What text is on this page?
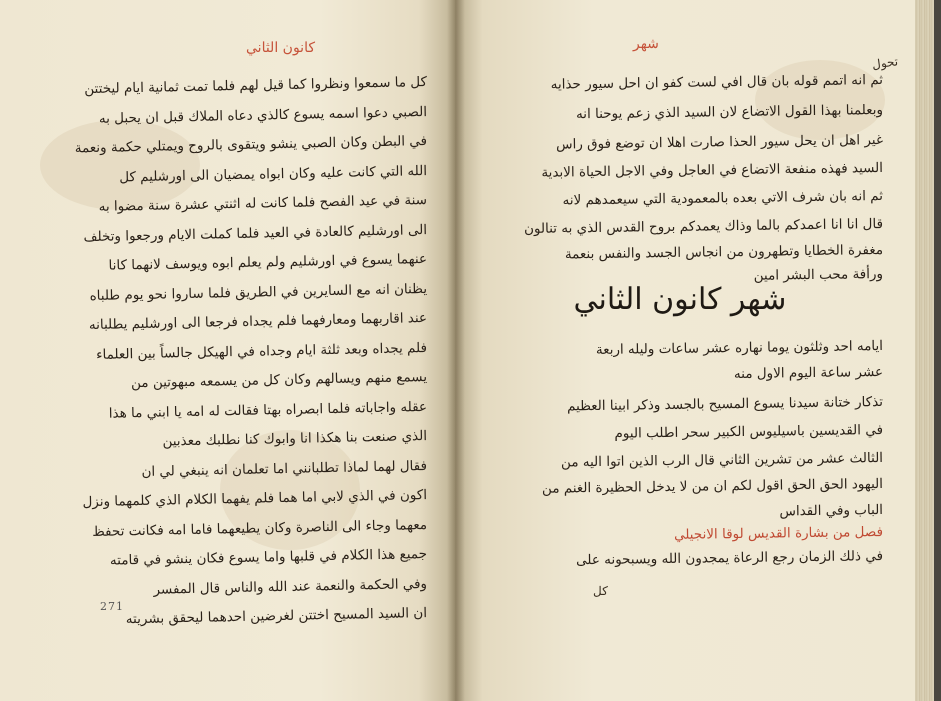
كانون الثاني
كل ما سمعوا ونظروا كما قيل لهم فلما تمت ثمانية ايام ليختتن
الصبي دعوا اسمه يسوع كالذي دعاه الملاك قبل ان يحبل به
في البطن وكان الصبي ينشو ويتقوى بالروح ويمتلي حكمة ونعمة
الله التي كانت عليه وكان ابواه يمضيان الى اورشليم كل
سنة في عيد الفصح فلما كانت له اثنتي عشرة سنة مضوا به
الى اورشليم كالعادة في العيد فلما كملت الايام ورجعوا وتخلف
عنهما يسوع في اورشليم ولم يعلم ابوه ويوسف لانهما كانا
يظنان انه مع السايرين في الطريق فلما ساروا نحو يوم طلباه
عند اقاربهما ومعارفهما فلم يجداه فرجعا الى اورشليم يطلبانه
فلم يجداه وبعد ثلثة ايام وجداه في الهيكل جالساً بين العلماء
يسمع منهم ويسالهم وكان كل من يسمعه مبهوتين من
عقله واجاباته فلما ابصراه بهتا فقالت له امه يا ابني ما هذا
الذي صنعت بنا هكذا انا وابوك كنا نطلبك معذبين
فقال لهما لماذا تطلبانني اما تعلمان انه ينبغي لي ان
اكون في الذي لابي اما هما فلم يفهما الكلام الذي كلمهما ونزل
معهما وجاء الى الناصرة وكان يطيعهما فاما امه فكانت تحفظ
جميع هذا الكلام في قلبها واما يسوع فكان ينشو في قامته
وفي الحكمة والنعمة عند الله والناس قال المفسر
ان السيد المسيح اختتن لغرضين احدهما ليحقق بشريته
271
شهر
ثم انه اتمم قوله بان قال افي لست كفو ان احل سيور حذايه
وبعلمنا بهذا القول الاتضاع لان السيد الذي زعم يوحنا انه
غير اهل ان يحل سيور الحذا صارت اهلا ان توضع فوق راس
السيد فهذه منفعة الاتضاع في العاجل وفي الاجل الحياة الابدية
ثم انه بان شرف الاتي بعده بالمعمودية التي سيعمدهم لانه
قال انا انا اعمدكم بالما وذاك يعمدكم بروح القدس الذي به تنالون
مغفرة الخطايا وتطهرون من انجاس الجسد والنفس بنعمة
ورأفة محب البشر امين
ايامه احد وثلثون يوما نهاره عشر ساعات وليله اربعة
عشر ساعة اليوم الاول منه
تذكار ختانة سيدنا يسوع المسيح بالجسد وذكر ابينا العظيم
في القديسين باسيليوس الكبير سحر اطلب اليوم
الثالث عشر من تشرين الثاني قال الرب الذين اتوا اليه من
اليهود الحق الحق اقول لكم ان من لا يدخل الحظيرة الغنم من
الباب وفي القداس
فصل من بشارة القديس لوقا الانجيلي
في ذلك الزمان رجع الرعاة يمجدون الله ويسبحونه على
شهر كانون الثاني
كل
تحول
